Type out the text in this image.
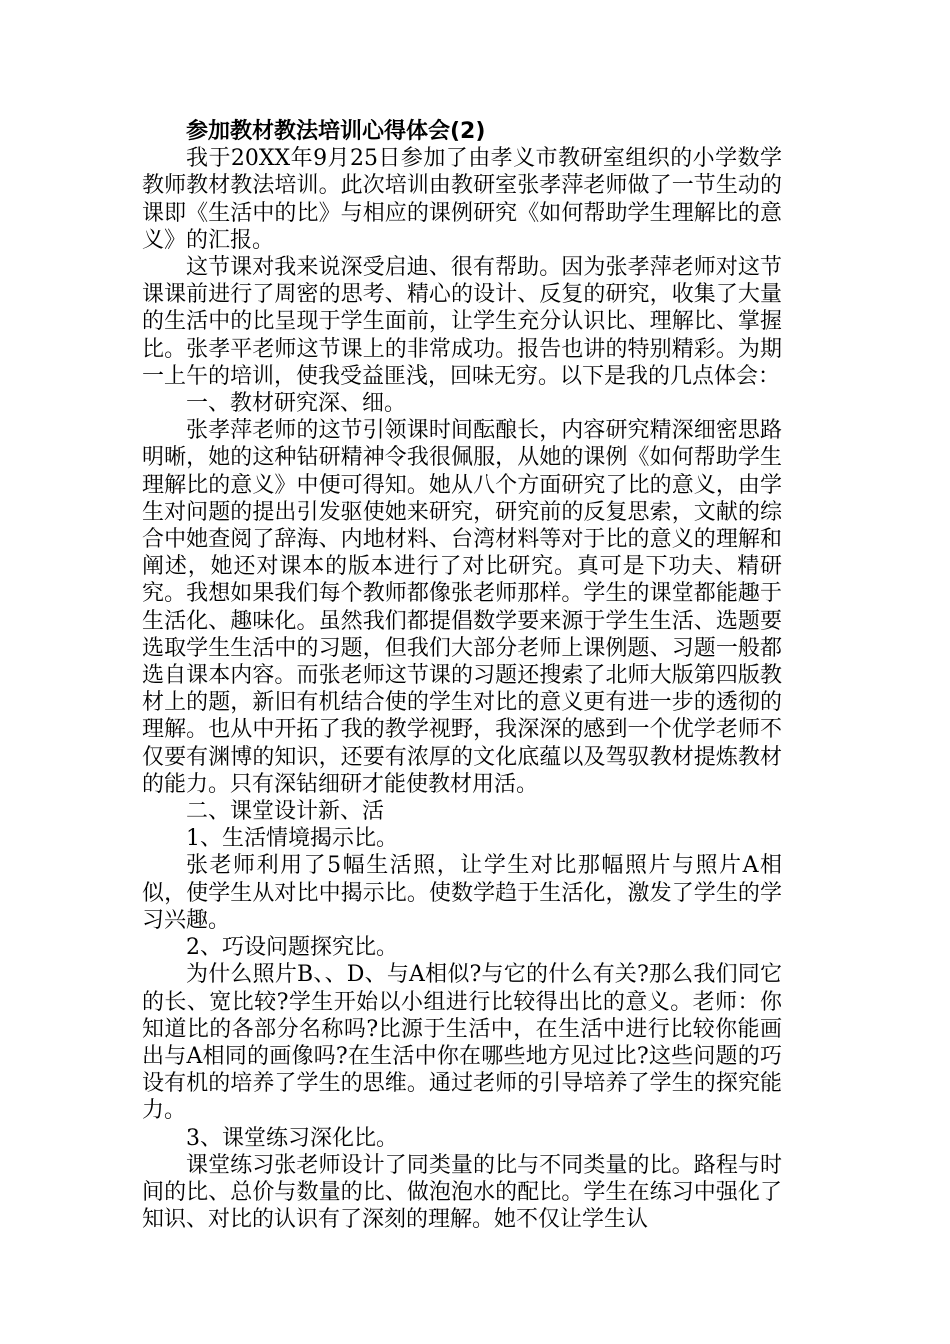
参加教材教法培训心得体会(2)

我于20XX年9月25日参加了由孝义市教研室组织的小学数学教师教材教法培训。此次培训由教研室张孝萍老师做了一节生动的课即《生活中的比》与相应的课例研究《如何帮助学生理解比的意义》的汇报。

这节课对我来说深受启迪、很有帮助。因为张孝萍老师对这节课课前进行了周密的思考、精心的设计、反复的研究，收集了大量的生活中的比呈现于学生面前，让学生充分认识比、理解比、掌握比。张孝平老师这节课上的非常成功。报告也讲的特别精彩。为期一上午的培训，使我受益匪浅，回味无穷。以下是我的几点体会：

一、教材研究深、细。

张孝萍老师的这节引领课时间酝酿长，内容研究精深细密思路明晰，她的这种钻研精神令我很佩服，从她的课例《如何帮助学生理解比的意义》中便可得知。她从八个方面研究了比的意义，由学生对问题的提出引发驱使她来研究，研究前的反复思索，文献的综合中她查阅了辞海、内地材料、台湾材料等对于比的意义的理解和阐述，她还对课本的版本进行了对比研究。真可是下功夫、精研究。我想如果我们每个教师都像张老师那样。学生的课堂都能趣于生活化、趣味化。虽然我们都提倡数学要来源于学生生活、选题要选取学生生活中的习题，但我们大部分老师上课例题、习题一般都选自课本内容。而张老师这节课的习题还搜索了北师大版第四版教材上的题，新旧有机结合使的学生对比的意义更有进一步的透彻的理解。也从中开拓了我的教学视野，我深深的感到一个优学老师不仅要有渊博的知识，还要有浓厚的文化底蕴以及驾驭教材提炼教材的能力。只有深钻细研才能使教材用活。

二、课堂设计新、活

1、生活情境揭示比。

张老师利用了5幅生活照，让学生对比那幅照片与照片A相似，使学生从对比中揭示比。使数学趋于生活化，激发了学生的学习兴趣。

2、巧设问题探究比。

为什么照片B、、D、与A相似?与它的什么有关?那么我们同它的长、宽比较?学生开始以小组进行比较得出比的意义。老师：你知道比的各部分名称吗?比源于生活中，在生活中进行比较你能画出与A相同的画像吗?在生活中你在哪些地方见过比?这些问题的巧设有机的培养了学生的思维。通过老师的引导培养了学生的探究能力。

3、课堂练习深化比。

课堂练习张老师设计了同类量的比与不同类量的比。路程与时间的比、总价与数量的比、做泡泡水的配比。学生在练习中强化了知识、对比的认识有了深刻的理解。她不仅让学生认
